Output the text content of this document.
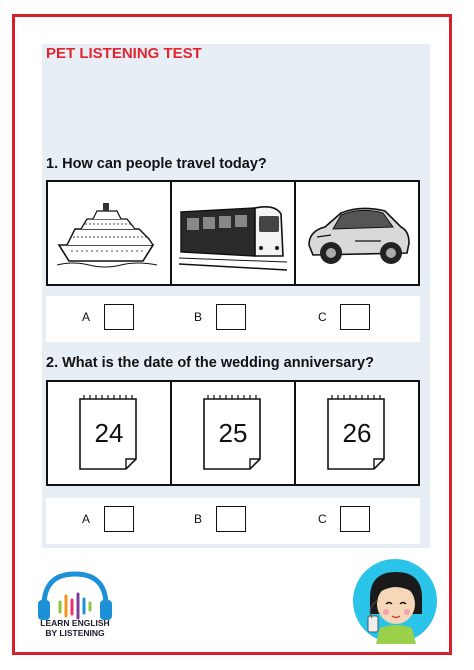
PET LISTENING TEST
1. How can people travel today?
A	B	C
2. What is the date of the wedding anniversary?
24	25	26
A	B	C
LEARN ENGLISH
BY LISTENING
